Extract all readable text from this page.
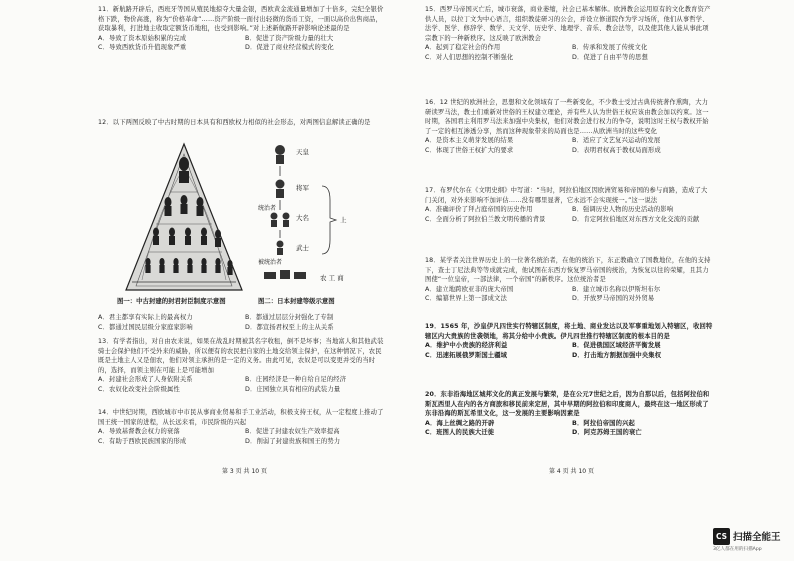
11．新航路开辟后，西班牙等国从殖民地掠夺大量金银，西欧黄金流通量增加了十倍多，完纪全银价格下跌，物价高涨，称为“价格革命”……资产阶级一面付出轻微的货币工资，一面以高价出售商品，获取暴利，打进地主收取定额货币地租，也受到影响。”对上述新航路开辟影响论述最的是

A．导致了资本原始积累的完成	B．促进了资产阶级力量的壮大
C．导致西欧货币升值现象严重	D．促进了商业经营模式的变化

12．以下两图反映了中古时期的日本具有和西欧权力相似的社会形态，对两图信息解读正确的是

天皇
将军
大名
武士
农 工 商
上
统治者
被统治者
图一：中古封建的封君封臣制度示意图	图二：日本封建等级示意图
A．君主都享有实际上的最高权力	B．都通过层层分封强化了专制
C．都通过国民层级分家庭家影响	D．都宣扬君权至上的主从关系

13．有学者指出，对自由农来说，如果在战乱时期被其名字收租，倒不是坏事；当地富人和其他武装骑士会保护他们不受外来的威胁，所以便有的农民把自家的土地交给领主保护，在这种情况下，农民既是土地主人又是佃农，他们对领主承担的是一定的义务。由此可见，农奴是可以变更并受的当时的，选择，而领主则在可能上是可能增加

A．封建社会形成了人身依附关系	B．庄园经济是一种自给自足的经济
C．农奴化改变社会阶级属性	D．庄园独立具有相应的武装力量

14．中世纪时期，西欧城市中市民从事商业贸易和手工业活动，积极支持王权，从一定程度上推动了国王统一国家的进程，从长远来看，市民阶级的兴起

A．导致基督教会权力的衰落	B．促进了封建农奴生产效率提高
C．有助于西欧民族国家的形成	D．削弱了封建贵族和国王的势力
第 3 页 共 10 页

15．西罗马帝国灭亡后，城市衰落，商业萎缩，社会已基本解体。欧洲教会运用原有的文化教育资产供人员，以拉丁文为中心语言，组织教徒研习的公会，并设立修道院作为学习场所，他们从事哲学、法学、医学、修辞学、数学、天文学、历史学、地理学、音乐、教会法等，以及使其他人能从事此项宗教下的一种新秩序。这反映了欧洲教会

A．起到了稳定社会的作用	B．传承和发展了传统文化
C．对人们思想的控制不断强化	D．促进了自由平等的思想

16．12 世纪的欧洲社会，思想和文化领域有了一些新变化，不少教士受过古典传统著作熏陶，大力研读罗马法，教士们重新对世俗的王权建立理论，并有些人认为世俗王权应该由教会加以约束。这一时期，各国君主利用罗马法来加强中央集权，他们对教会进行权力的争夺，说明这时王权与教权开始了一定的相互渗透分享，然而这种现象带来的局面也是……从欧洲当时的这些变化

A．是资本主义萌芽发展的结果	B．适应了文艺复兴运动的发展
C．体现了世俗王权扩大的要求	D．表明君权高于教权局面形成

17．布罗代尔在《文明史纲》中写道：“当时，阿拉伯地区因欧洲贸易和帝国的参与商路，造成了大门关闭，对外来影响不加评估……没有哪里显著，它永远不会实现统一。”这一说法

A．准确评价了拜占庭帝国的历史作用	B．强调历史人物的历史活动的影响
C．全面分析了阿拉伯兰教文明传播的背景	D．肯定阿拉伯地区对东西方文化交流的贡献

18．某学者关注世界历史上的一位著名统治者，在他的统治下，东正教确立了国教地位，在他的支持下，查士丁尼法典等等成就完成，他试图在东西方恢复罗马帝国的统治，为恢复以往的荣耀，且其力图使“一位皇帝，一部法律，一个帝国”的新秩序。这位统治者是

A．建立地跨欧亚非的庞大帝国	B．建立城市名称以伊斯坦布尔
C．编纂世界上第一部成文法	D．开放罗马帝国的对外贸易

19．1565 年，沙皇伊凡四世实行特辖区制度，将土地、商业发达以及军事重地划入特辖区，收回特辖区内大贵族的世袭领地，将其分给中小贵族。伊凡四世推行特辖区制度的根本目的是

A．维护中小贵族的经济利益	B．促进俄国区域经济平衡发展
C．迅速拓展俄罗斯国土疆域	D．打击地方割据加强中央集权

20．东非沿海地区城邦文化的真正发展与繁荣，是在公元7世纪之后，因为自那以后，包括阿拉伯和斯瓦西里人在内的各方商旅和移民前来定居，其中早期的阿拉伯和印度商人，最终在这一地区形成了东非沿海的斯瓦希里文化，这一发展的主要影响因素是

A．海上丝绸之路的开辟	B．阿拉伯帝国的兴起
C．班图人的民族大迁徙	D．阿克苏姆王国的衰亡
第 4 页 共 10 页
CS 扫描全能王
3亿人都在用的扫描App
